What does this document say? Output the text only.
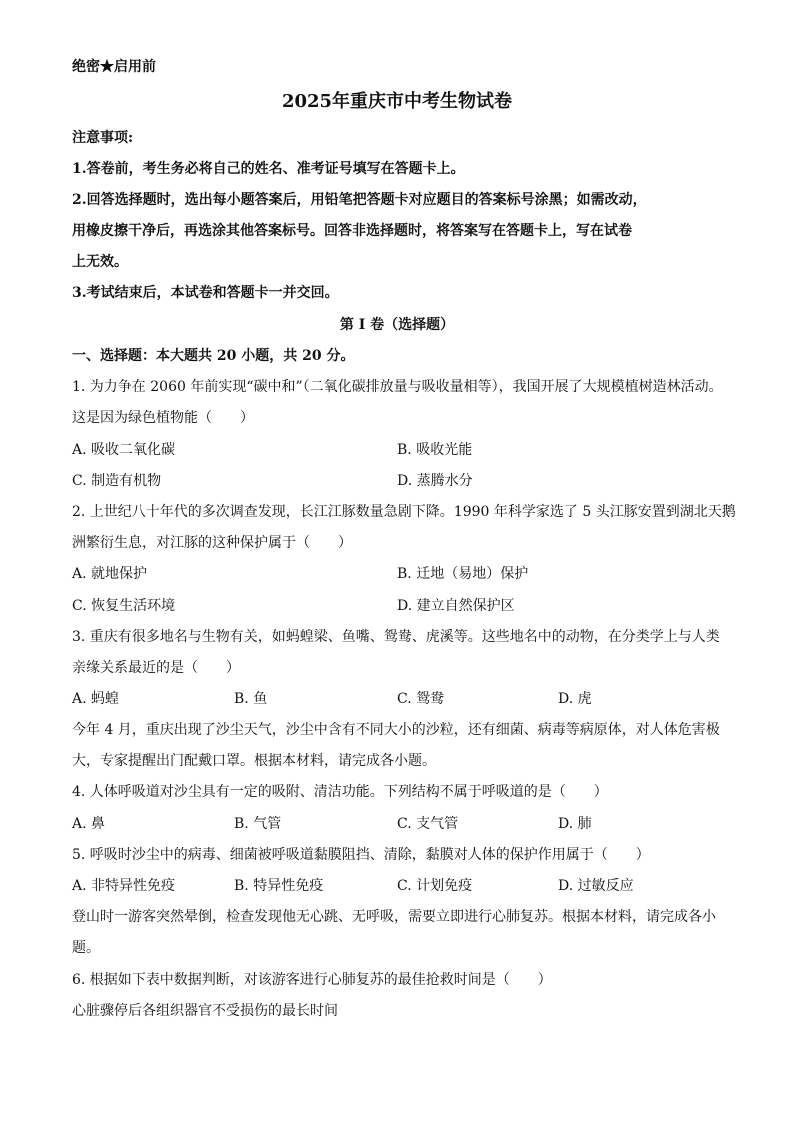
绝密★启用前
2025年重庆市中考生物试卷
注意事项:
1.答卷前，考生务必将自己的姓名、准考证号填写在答题卡上。
2.回答选择题时，选出每小题答案后，用铅笔把答题卡对应题目的答案标号涂黑；如需改动，
用橡皮擦干净后，再选涂其他答案标号。回答非选择题时，将答案写在答题卡上，写在试卷
上无效。
3.考试结束后，本试卷和答题卡一并交回。
第 I 卷（选择题）
一、选择题：本大题共 20 小题，共 20 分。
1. 为力争在 2060 年前实现“碳中和”（二氧化碳排放量与吸收量相等），我国开展了大规模植树造林活动。
这是因为绿色植物能（　　）
A. 吸收二氧化碳	B. 吸收光能
C. 制造有机物	D. 蒸腾水分
2. 上世纪八十年代的多次调查发现，长江江豚数量急剧下降。1990 年科学家选了 5 头江豚安置到湖北天鹅
洲繁衍生息，对江豚的这种保护属于（　　）
A. 就地保护	B. 迁地（易地）保护
C. 恢复生活环境	D. 建立自然保护区
3. 重庆有很多地名与生物有关，如蚂蝗梁、鱼嘴、鸳鸯、虎溪等。这些地名中的动物，在分类学上与人类
亲缘关系最近的是（　　）
A. 蚂蝗	B. 鱼	C. 鸳鸯	D. 虎
今年 4 月，重庆出现了沙尘天气，沙尘中含有不同大小的沙粒，还有细菌、病毒等病原体，对人体危害极
大，专家提醒出门配戴口罩。根据本材料，请完成各小题。
4. 人体呼吸道对沙尘具有一定的吸附、清洁功能。下列结构不属于呼吸道的是（　　）
A. 鼻	B. 气管	C. 支气管	D. 肺
5. 呼吸时沙尘中的病毒、细菌被呼吸道黏膜阻挡、清除，黏膜对人体的保护作用属于（　　）
A. 非特异性免疫	B. 特异性免疫	C. 计划免疫	D. 过敏反应
登山时一游客突然晕倒，检查发现他无心跳、无呼吸，需要立即进行心肺复苏。根据本材料，请完成各小
题。
6. 根据如下表中数据判断，对该游客进行心肺复苏的最佳抢救时间是（　　）
心脏骤停后各组织器官不受损伤的最长时间
